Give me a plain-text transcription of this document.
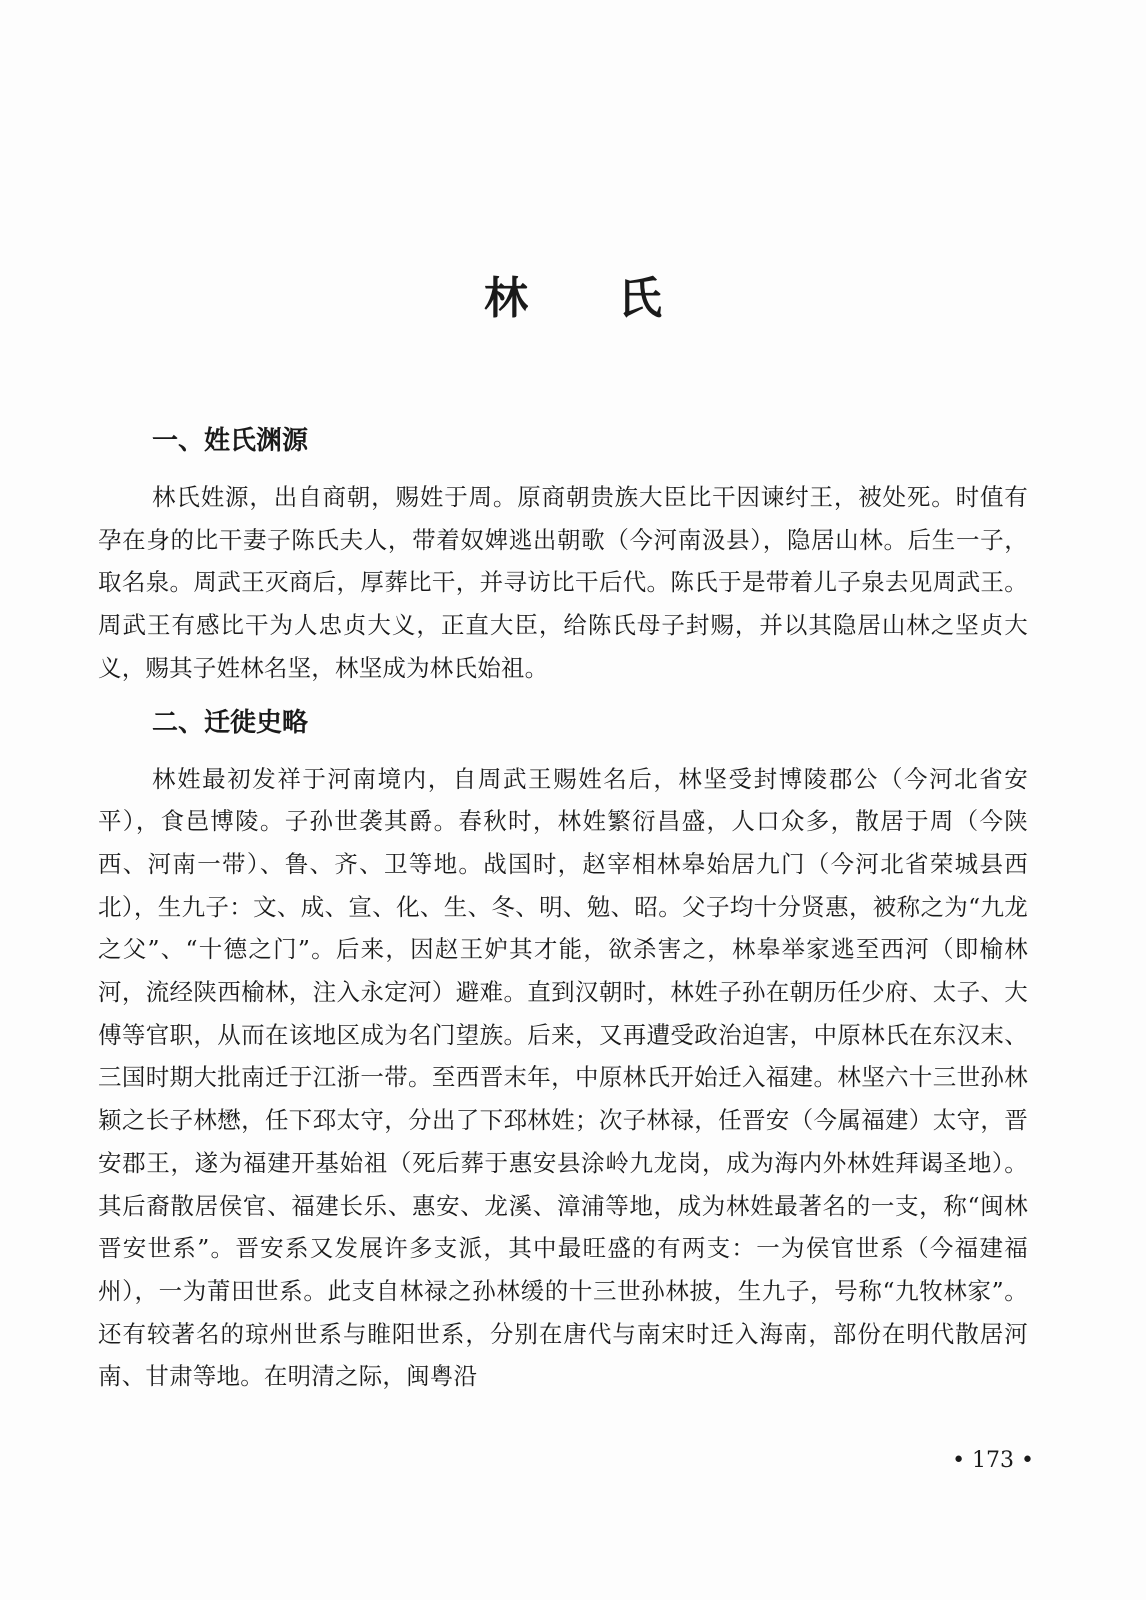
林 氏
一、姓氏渊源

林氏姓源，出自商朝，赐姓于周。原商朝贵族大臣比干因谏纣王，被处死。时值有孕在身的比干妻子陈氏夫人，带着奴婢逃出朝歌（今河南汲县），隐居山林。后生一子，取名泉。周武王灭商后，厚葬比干，并寻访比干后代。陈氏于是带着儿子泉去见周武王。周武王有感比干为人忠贞大义，正直大臣，给陈氏母子封赐，并以其隐居山林之坚贞大义，赐其子姓林名坚，林坚成为林氏始祖。

二、迁徙史略

林姓最初发祥于河南境内，自周武王赐姓名后，林坚受封博陵郡公（今河北省安平），食邑博陵。子孙世袭其爵。春秋时，林姓繁衍昌盛，人口众多，散居于周（今陕西、河南一带）、鲁、齐、卫等地。战国时，赵宰相林皋始居九门（今河北省荣城县西北），生九子：文、成、宣、化、生、冬、明、勉、昭。父子均十分贤惠，被称之为“九龙之父”、“十德之门”。后来，因赵王妒其才能，欲杀害之，林皋举家逃至西河（即榆林河，流经陕西榆林，注入永定河）避难。直到汉朝时，林姓子孙在朝历任少府、太子、大傅等官职，从而在该地区成为名门望族。后来，又再遭受政治迫害，中原林氏在东汉末、三国时期大批南迁于江浙一带。至西晋末年，中原林氏开始迁入福建。林坚六十三世孙林颖之长子林懋，任下邳太守，分出了下邳林姓；次子林禄，任晋安（今属福建）太守，晋安郡王，遂为福建开基始祖（死后葬于惠安县涂岭九龙岗，成为海内外林姓拜谒圣地）。其后裔散居侯官、福建长乐、惠安、龙溪、漳浦等地，成为林姓最著名的一支，称“闽林晋安世系”。晋安系又发展许多支派，其中最旺盛的有两支：一为侯官世系（今福建福州），一为莆田世系。此支自林禄之孙林缓的十三世孙林披，生九子，号称“九牧林家”。还有较著名的琼州世系与睢阳世系，分别在唐代与南宋时迁入海南，部份在明代散居河南、甘肃等地。在明清之际，闽粤沿

• 173 •
